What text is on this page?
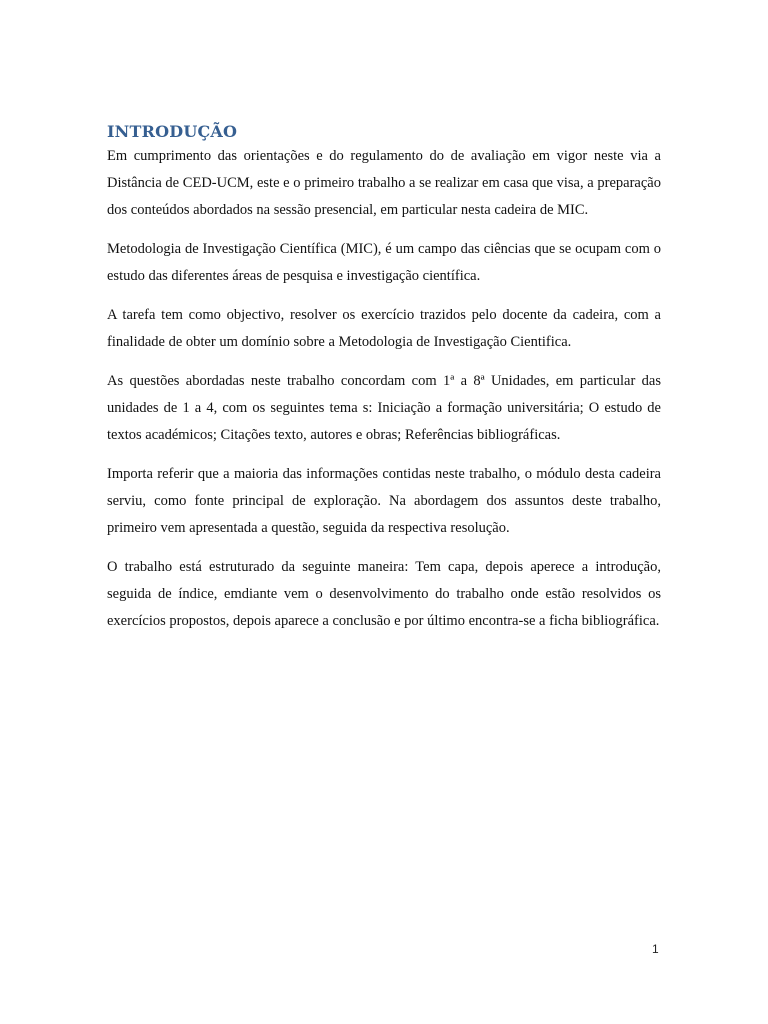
INTRODUÇÃO

Em cumprimento das orientações e do regulamento do de avaliação em vigor neste via a Distância de CED-UCM, este e o primeiro trabalho a se realizar em casa que visa, a preparação dos conteúdos abordados na sessão presencial, em particular nesta cadeira de MIC.

Metodologia de Investigação Científica (MIC), é um campo das ciências que se ocupam com o estudo das diferentes áreas de pesquisa e investigação científica.

A tarefa tem como objectivo, resolver os exercício trazidos pelo docente da cadeira, com a finalidade de obter um domínio sobre a Metodologia de Investigação Cientifica.

As questões abordadas neste trabalho concordam com 1ª a 8ª Unidades, em particular das unidades de 1 a 4, com os seguintes tema s: Iniciação a formação universitária; O estudo de textos académicos; Citações texto, autores e obras; Referências bibliográficas.

Importa referir que a maioria das informações contidas neste trabalho, o módulo desta cadeira serviu, como fonte principal de exploração. Na abordagem dos assuntos deste trabalho, primeiro vem apresentada a questão, seguida da respectiva resolução.

O trabalho está estruturado da seguinte maneira: Tem capa, depois aperece a introdução, seguida de índice, emdiante vem o desenvolvimento do trabalho onde estão resolvidos os exercícios propostos, depois aparece a conclusão e por último encontra-se a ficha bibliográfica.

1
